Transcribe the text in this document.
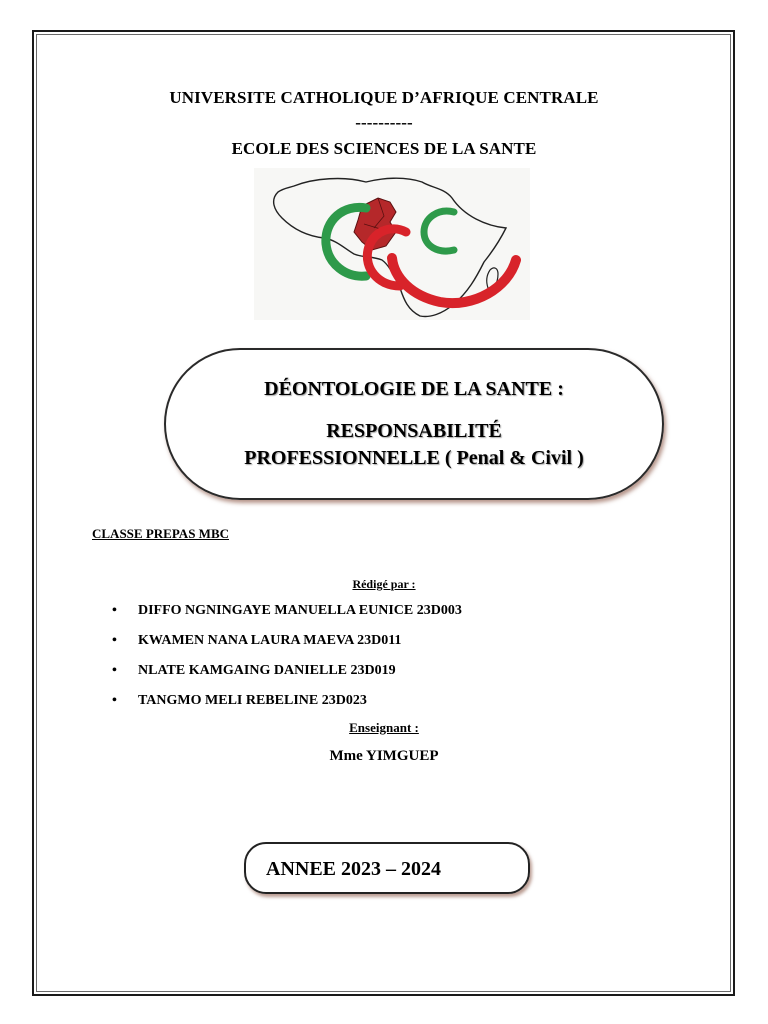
UNIVERSITE CATHOLIQUE D’AFRIQUE CENTRALE
----------
ECOLE DES SCIENCES DE LA SANTE
DÉONTOLOGIE DE LA SANTE :
RESPONSABILITÉ
PROFESSIONNELLE ( Penal & Civil )
CLASSE PREPAS MBC
Rédigé par :
• DIFFO NGNINGAYE MANUELLA EUNICE 23D003
• KWAMEN NANA LAURA MAEVA 23D011
• NLATE KAMGAING DANIELLE 23D019
• TANGMO MELI REBELINE 23D023
Enseignant :
Mme YIMGUEP
ANNEE 2023 – 2024
